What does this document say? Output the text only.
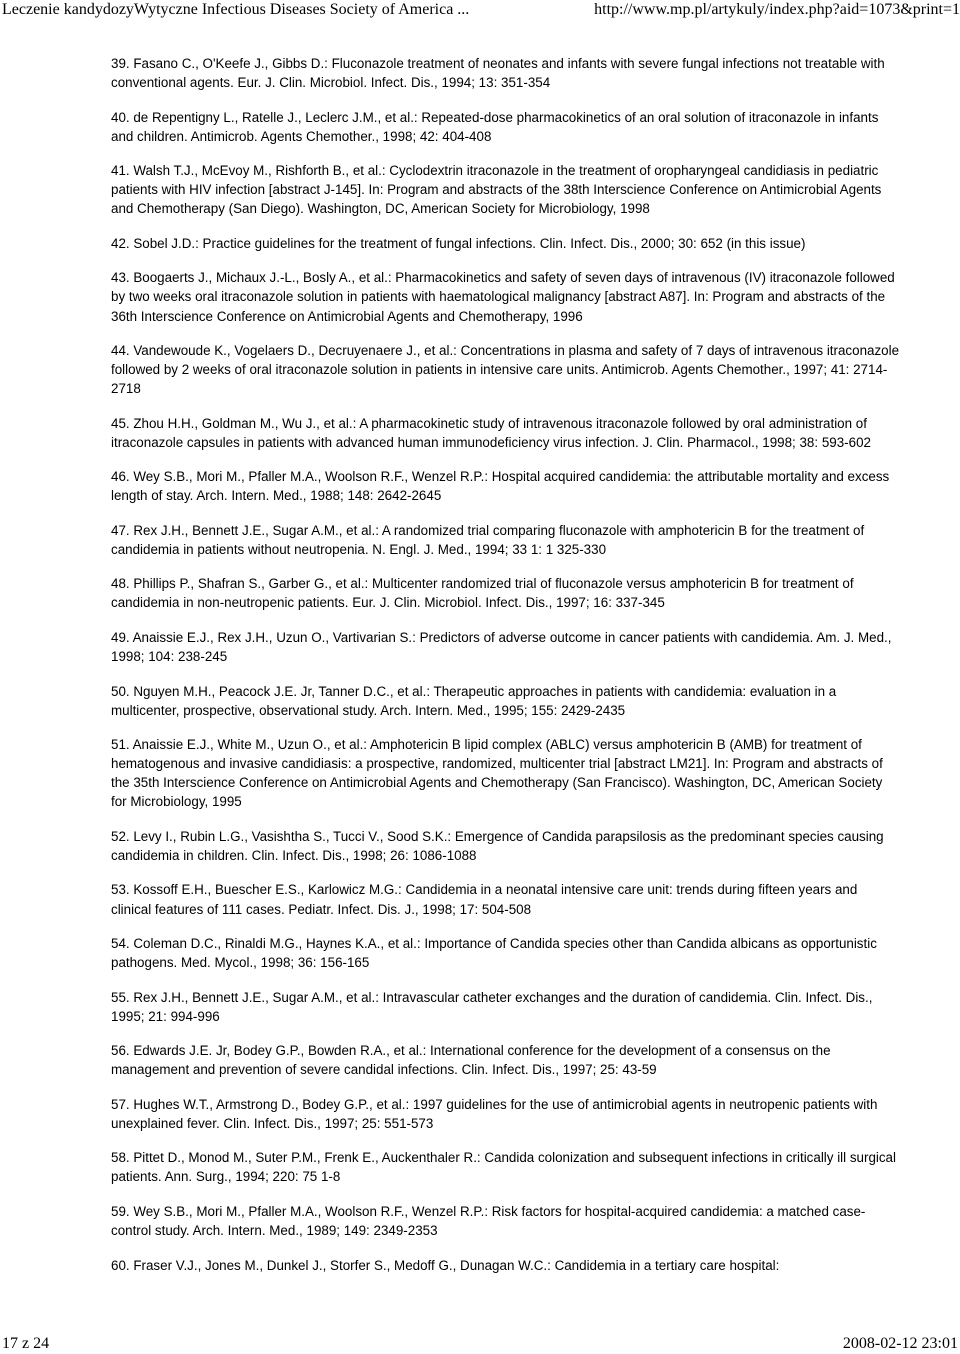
Leczenie kandydozyWytyczne Infectious Diseases Society of America ...	http://www.mp.pl/artykuly/index.php?aid=1073&print=1

39. Fasano C., O'Keefe J., Gibbs D.: Fluconazole treatment of neonates and infants with severe fungal infections not treatable with conventional agents. Eur. J. Clin. Microbiol. Infect. Dis., 1994; 13: 351-354

40. de Repentigny L., Ratelle J., Leclerc J.M., et al.: Repeated-dose pharmacokinetics of an oral solution of itraconazole in infants and children. Antimicrob. Agents Chemother., 1998; 42: 404-408

41. Walsh T.J., McEvoy M., Rishforth B., et al.: Cyclodextrin itraconazole in the treatment of oropharyngeal candidiasis in pediatric patients with HIV infection [abstract J-145]. In: Program and abstracts of the 38th Interscience Conference on Antimicrobial Agents and Chemotherapy (San Diego). Washington, DC, American Society for Microbiology, 1998

42. Sobel J.D.: Practice guidelines for the treatment of fungal infections. Clin. Infect. Dis., 2000; 30: 652 (in this issue)

43. Boogaerts J., Michaux J.-L., Bosly A., et al.: Pharmacokinetics and safety of seven days of intravenous (IV) itraconazole followed by two weeks oral itraconazole solution in patients with haematological malignancy [abstract A87]. In: Program and abstracts of the 36th Interscience Conference on Antimicrobial Agents and Chemotherapy, 1996

44. Vandewoude K., Vogelaers D., Decruyenaere J., et al.: Concentrations in plasma and safety of 7 days of intravenous itraconazole followed by 2 weeks of oral itraconazole solution in patients in intensive care units. Antimicrob. Agents Chemother., 1997; 41: 2714-2718

45. Zhou H.H., Goldman M., Wu J., et al.: A pharmacokinetic study of intravenous itraconazole followed by oral administration of itraconazole capsules in patients with advanced human immunodeficiency virus infection. J. Clin. Pharmacol., 1998; 38: 593-602

46. Wey S.B., Mori M., Pfaller M.A., Woolson R.F., Wenzel R.P.: Hospital acquired candidemia: the attributable mortality and excess length of stay. Arch. Intern. Med., 1988; 148: 2642-2645

47. Rex J.H., Bennett J.E., Sugar A.M., et al.: A randomized trial comparing fluconazole with amphotericin B for the treatment of candidemia in patients without neutropenia. N. Engl. J. Med., 1994; 33 1: 1 325-330

48. Phillips P., Shafran S., Garber G., et al.: Multicenter randomized trial of fluconazole versus amphotericin B for treatment of candidemia in non-neutropenic patients. Eur. J. Clin. Microbiol. Infect. Dis., 1997; 16: 337-345

49. Anaissie E.J., Rex J.H., Uzun O., Vartivarian S.: Predictors of adverse outcome in cancer patients with candidemia. Am. J. Med., 1998; 104: 238-245

50. Nguyen M.H., Peacock J.E. Jr, Tanner D.C., et al.: Therapeutic approaches in patients with candidemia: evaluation in a multicenter, prospective, observational study. Arch. Intern. Med., 1995; 155: 2429-2435

51. Anaissie E.J., White M., Uzun O., et al.: Amphotericin B lipid complex (ABLC) versus amphotericin B (AMB) for treatment of hematogenous and invasive candidiasis: a prospective, randomized, multicenter trial [abstract LM21]. In: Program and abstracts of the 35th Interscience Conference on Antimicrobial Agents and Chemotherapy (San Francisco). Washington, DC, American Society for Microbiology, 1995

52. Levy I., Rubin L.G., Vasishtha S., Tucci V., Sood S.K.: Emergence of Candida parapsilosis as the predominant species causing candidemia in children. Clin. Infect. Dis., 1998; 26: 1086-1088

53. Kossoff E.H., Buescher E.S., Karlowicz M.G.: Candidemia in a neonatal intensive care unit: trends during fifteen years and clinical features of 111 cases. Pediatr. Infect. Dis. J., 1998; 17: 504-508

54. Coleman D.C., Rinaldi M.G., Haynes K.A., et al.: Importance of Candida species other than Candida albicans as opportunistic pathogens. Med. Mycol., 1998; 36: 156-165

55. Rex J.H., Bennett J.E., Sugar A.M., et al.: Intravascular catheter exchanges and the duration of candidemia. Clin. Infect. Dis., 1995; 21: 994-996

56. Edwards J.E. Jr, Bodey G.P., Bowden R.A., et al.: International conference for the development of a consensus on the management and prevention of severe candidal infections. Clin. Infect. Dis., 1997; 25: 43-59

57. Hughes W.T., Armstrong D., Bodey G.P., et al.: 1997 guidelines for the use of antimicrobial agents in neutropenic patients with unexplained fever. Clin. Infect. Dis., 1997; 25: 551-573

58. Pittet D., Monod M., Suter P.M., Frenk E., Auckenthaler R.: Candida colonization and subsequent infections in critically ill surgical patients. Ann. Surg., 1994; 220: 75 1-8

59. Wey S.B., Mori M., Pfaller M.A., Woolson R.F., Wenzel R.P.: Risk factors for hospital-acquired candidemia: a matched case-control study. Arch. Intern. Med., 1989; 149: 2349-2353

60. Fraser V.J., Jones M., Dunkel J., Storfer S., Medoff G., Dunagan W.C.: Candidemia in a tertiary care hospital:

17 z 24	2008-02-12 23:01
